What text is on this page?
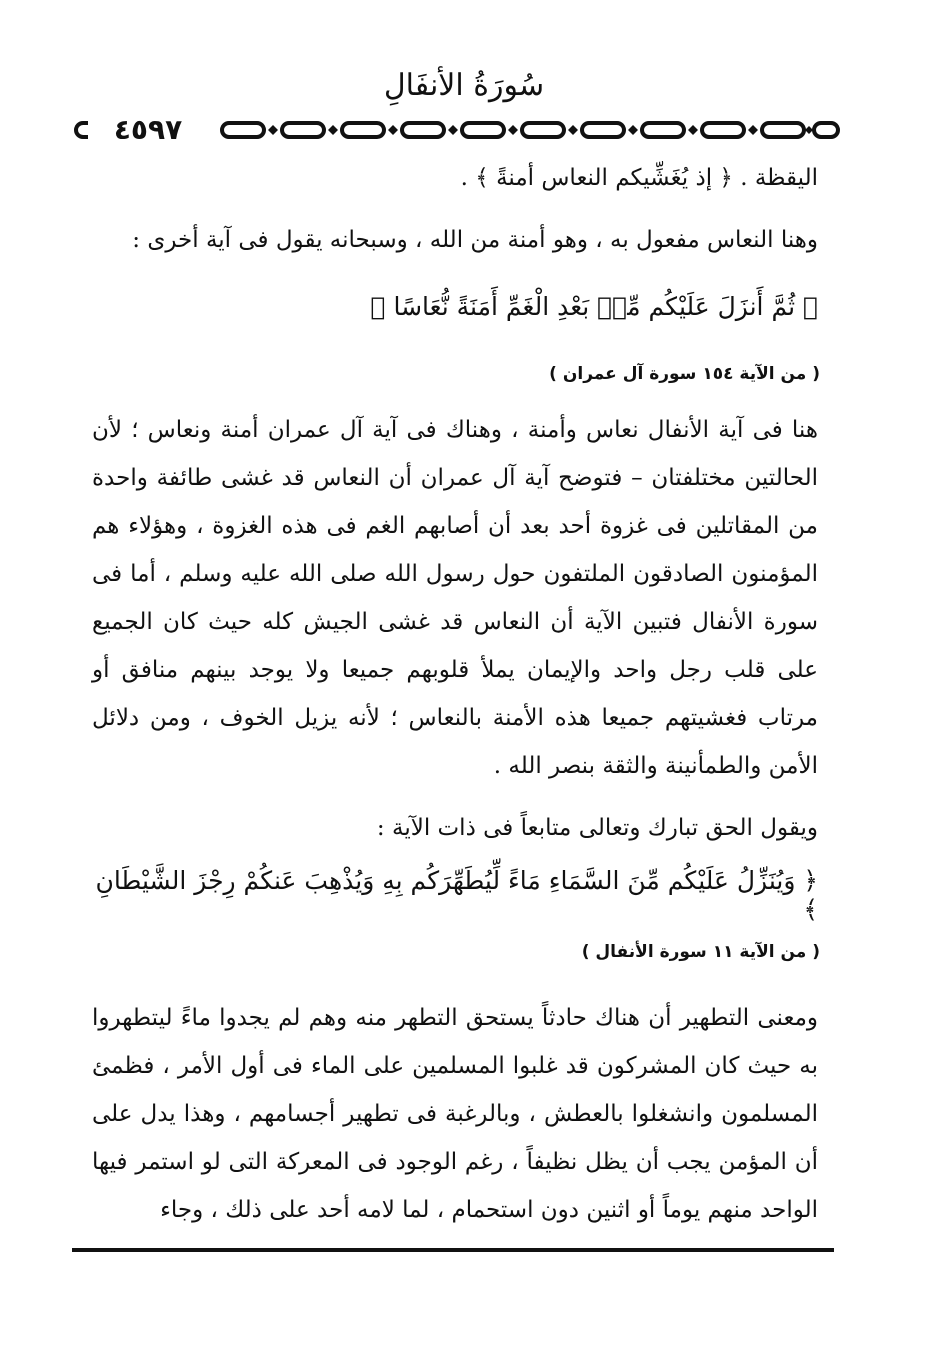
سُورَةُ الأنفَالِ
٤٥٩٧
اليقظة . ﴿ إذ يُغَشِّيكم النعاس أمنةً ﴾ .
وهنا النعاس مفعول به ، وهو أمنة من الله ، وسبحانه يقول فى آية أخرى :
﴿ ثُمَّ أَنزَلَ عَلَيْكُم مِّنۢ بَعْدِ الْغَمِّ أَمَنَةً نُّعَاسًا ﴾
( من الآية ١٥٤ سورة آل عمران )
هنا فى آية الأنفال نعاس وأمنة ، وهناك فى آية آل عمران أمنة ونعاس ؛ لأن الحالتين مختلفتان – فتوضح آية آل عمران أن النعاس قد غشى طائفة واحدة من المقاتلين فى غزوة أحد بعد أن أصابهم الغم فى هذه الغزوة ، وهؤلاء هم المؤمنون الصادقون الملتفون حول رسول الله صلى الله عليه وسلم ، أما فى سورة الأنفال فتبين الآية أن النعاس قد غشى الجيش كله حيث كان الجميع على قلب رجل واحد والإيمان يملأ قلوبهم جميعا ولا يوجد بينهم منافق أو مرتاب فغشيتهم جميعا هذه الأمنة بالنعاس ؛ لأنه يزيل الخوف ، ومن دلائل الأمن والطمأنينة والثقة بنصر الله .
ويقول الحق تبارك وتعالى متابعاً فى ذات الآية :
﴿ وَيُنَزِّلُ عَلَيْكُم مِّنَ السَّمَاءِ مَاءً لِّيُطَهِّرَكُم بِهِ وَيُذْهِبَ عَنكُمْ رِجْزَ الشَّيْطَانِ ﴾
( من الآية ١١ سورة الأنفال )
ومعنى التطهير أن هناك حادثاً يستحق التطهر منه وهم لم يجدوا ماءً ليتطهروا به حيث كان المشركون قد غلبوا المسلمين على الماء فى أول الأمر ، فظمئ المسلمون وانشغلوا بالعطش ، وبالرغبة فى تطهير أجسامهم ، وهذا يدل على أن المؤمن يجب أن يظل نظيفاً ، رغم الوجود فى المعركة التى لو استمر فيها الواحد منهم يوماً أو اثنين دون استحمام ، لما لامه أحد على ذلك ، وجاء
